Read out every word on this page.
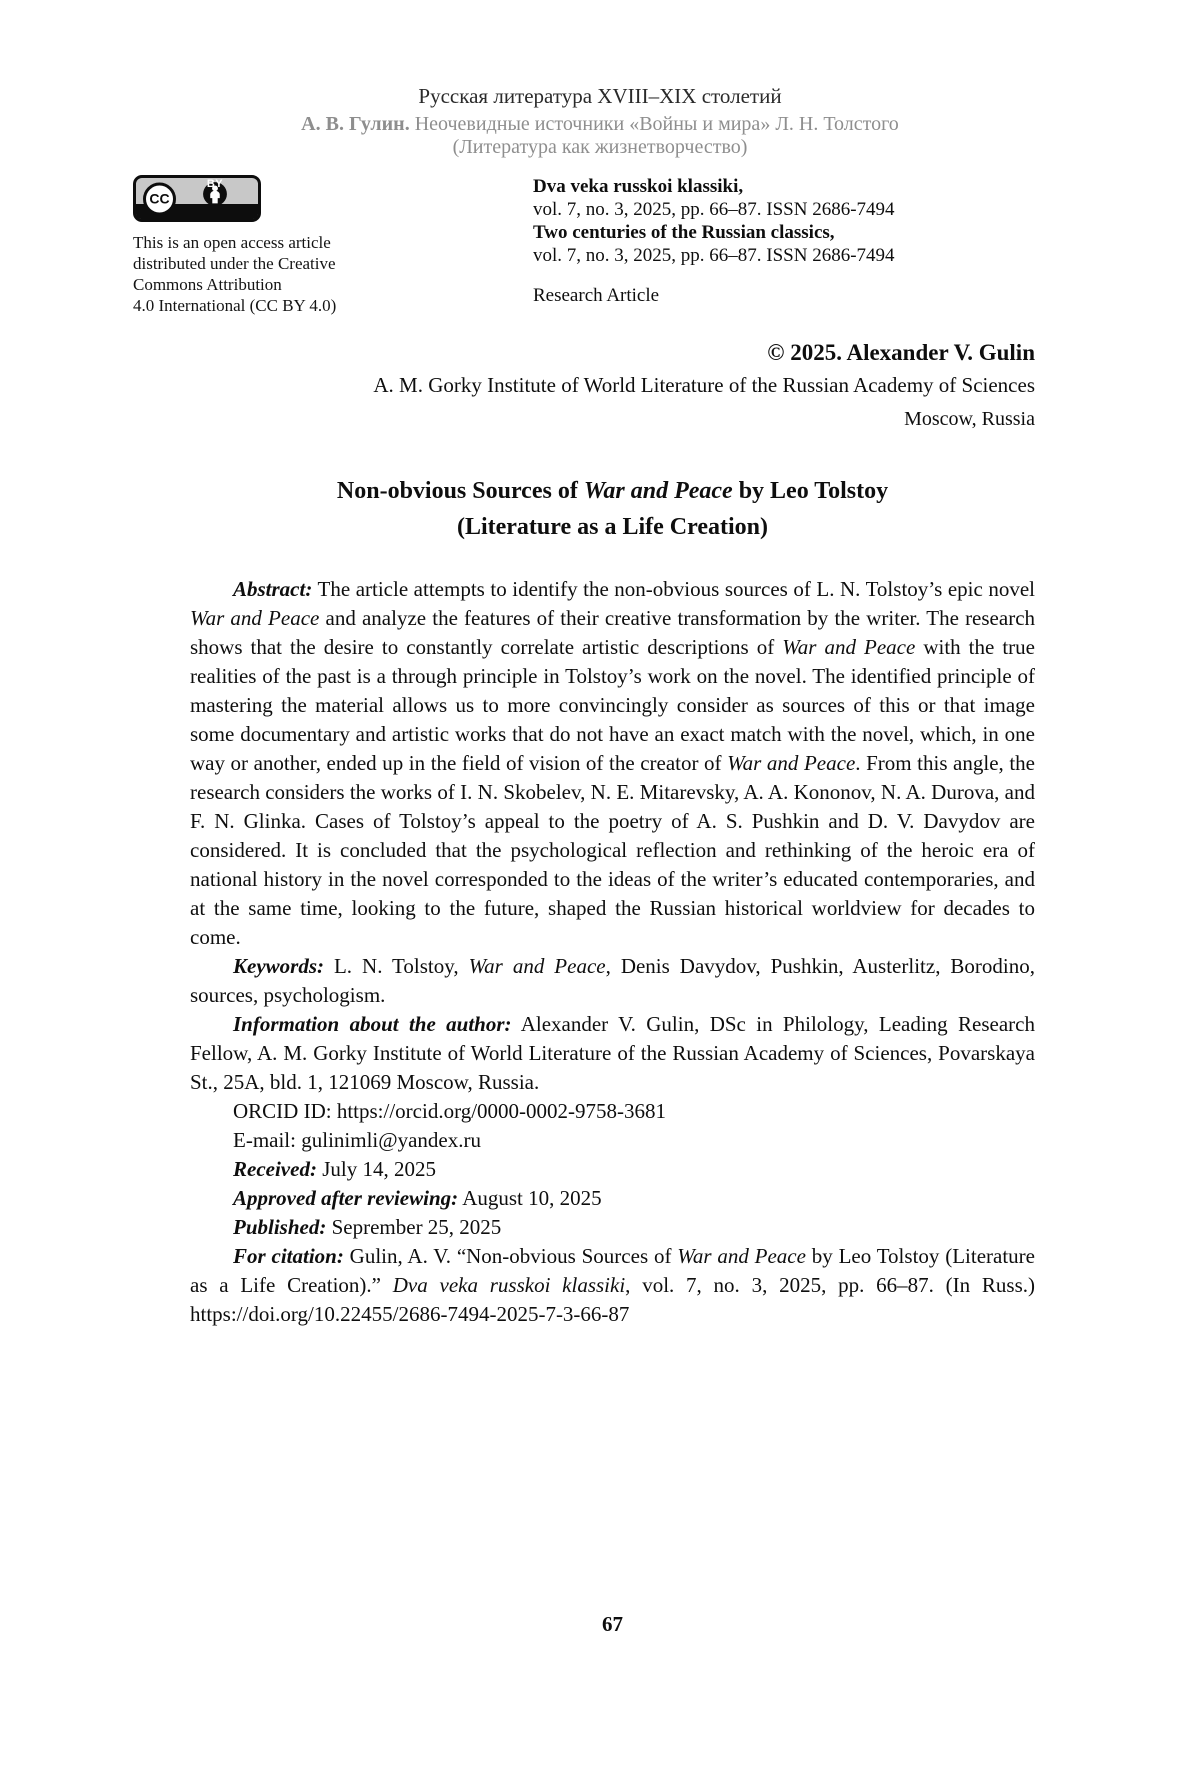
Русская литература XVIII–XIX столетий
А. В. Гулин. Неочевидные источники «Войны и мира» Л. Н. Толстого
(Литература как жизнетворчество)
CC
BY
This is an open access article
distributed under the Creative
Commons Attribution
4.0 International (CC BY 4.0)
Dva veka russkoi klassiki,
vol. 7, no. 3, 2025, pp. 66–87. ISSN 2686-7494
Two centuries of the Russian classics,
vol. 7, no. 3, 2025, pp. 66–87. ISSN 2686-7494
Research Article
© 2025. Alexander V. Gulin
A. M. Gorky Institute of World Literature of the Russian Academy of Sciences
Moscow, Russia
Non-obvious Sources of War and Peace by Leo Tolstoy
(Literature as a Life Creation)

Abstract: The article attempts to identify the non-obvious sources of L. N. Tolstoy’s epic novel War and Peace and analyze the features of their creative transformation by the writer. The research shows that the desire to constantly correlate artistic descriptions of War and Peace with the true realities of the past is a through principle in Tolstoy’s work on the novel. The identified principle of mastering the material allows us to more convincingly consider as sources of this or that image some documentary and artistic works that do not have an exact match with the novel, which, in one way or another, ended up in the field of vision of the creator of War and Peace. From this angle, the research considers the works of I. N. Skobelev, N. E. Mitarevsky, A. A. Kononov, N. A. Durova, and F. N. Glinka. Cases of Tolstoy’s appeal to the poetry of A. S. Pushkin and D. V. Davydov are considered. It is concluded that the psychological reflection and rethinking of the heroic era of national history in the novel corresponded to the ideas of the writer’s educated contemporaries, and at the same time, looking to the future, shaped the Russian historical worldview for decades to come.

Keywords: L. N. Tolstoy, War and Peace, Denis Davydov, Pushkin, Austerlitz, Borodino, sources, psychologism.

Information about the author: Alexander V. Gulin, DSc in Philology, Leading Research Fellow, A. M. Gorky Institute of World Literature of the Russian Academy of Sciences, Povarskaya St., 25A, bld. 1, 121069 Moscow, Russia.

ORCID ID: https://orcid.org/0000-0002-9758-3681

E-mail: gulinimli@yandex.ru

Received: July 14, 2025

Approved after reviewing: August 10, 2025

Published: Seprember 25, 2025

For citation: Gulin, A. V. “Non-obvious Sources of War and Peace by Leo Tolstoy (Literature as a Life Creation).” Dva veka russkoi klassiki, vol. 7, no. 3, 2025, pp. 66–87. (In Russ.) https://doi.org/10.22455/2686-7494-2025-7-3-66-87

67
